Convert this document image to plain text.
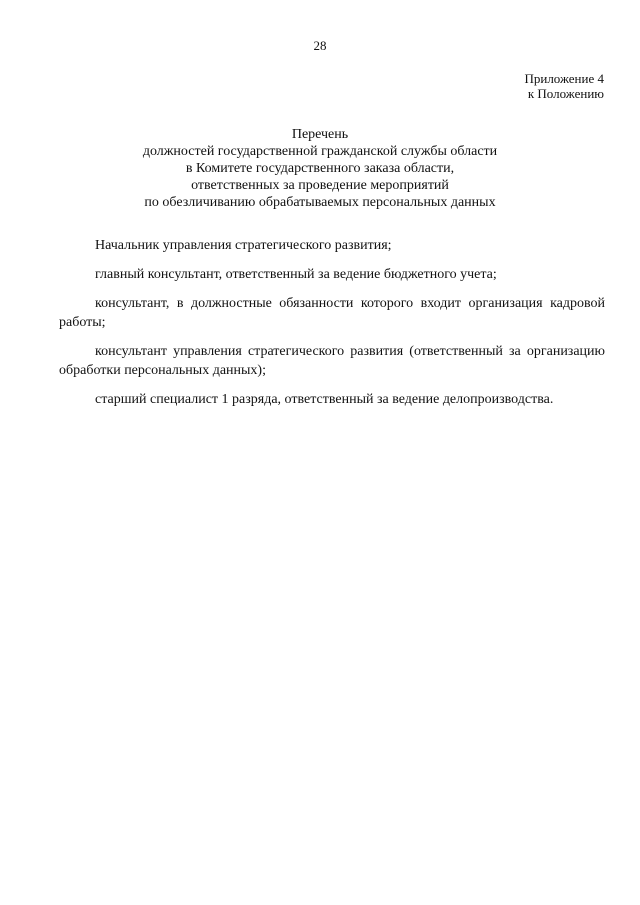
28
Приложение 4
к Положению
Перечень
должностей государственной гражданской службы области
в Комитете государственного заказа области,
ответственных за проведение мероприятий
по обезличиванию обрабатываемых персональных данных

Начальник управления стратегического развития;

главный консультант, ответственный за ведение бюджетного учета;

консультант, в должностные обязанности которого входит организация кадровой работы;

консультант управления стратегического развития (ответственный за организацию обработки персональных данных);

старший специалист 1 разряда, ответственный за ведение делопроизводства.
